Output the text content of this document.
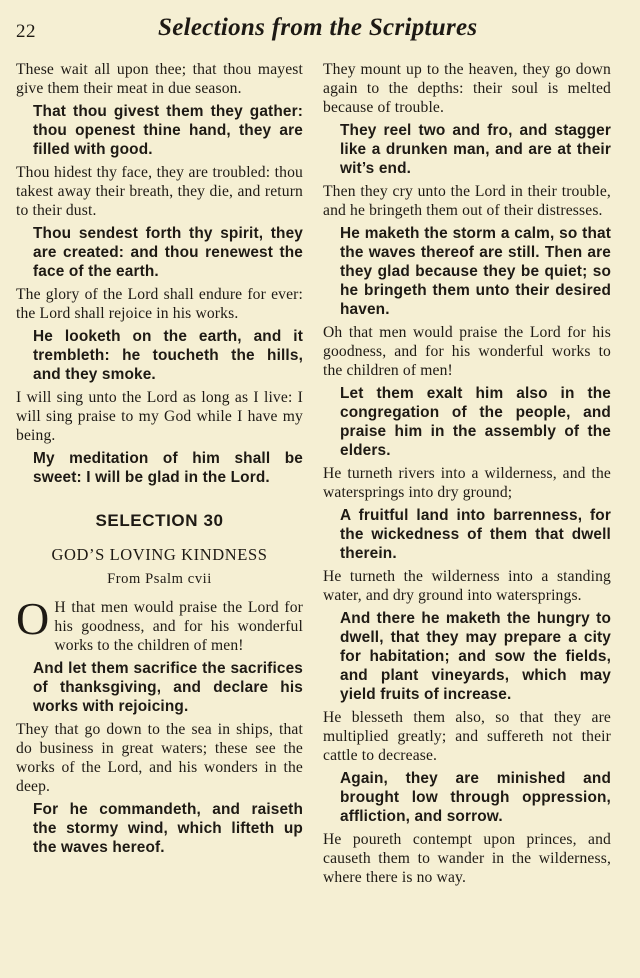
22	Selections from the Scriptures

These wait all upon thee; that thou mayest give them their meat in due season.

That thou givest them they gather: thou openest thine hand, they are filled with good.

Thou hidest thy face, they are troubled: thou takest away their breath, they die, and return to their dust.

Thou sendest forth thy spirit, they are created: and thou renewest the face of the earth.

The glory of the Lord shall endure for ever: the Lord shall rejoice in his works.

He looketh on the earth, and it trembleth: he toucheth the hills, and they smoke.

I will sing unto the Lord as long as I live: I will sing praise to my God while I have my being.

My meditation of him shall be sweet: I will be glad in the Lord.

SELECTION 30
GOD’S LOVING KINDNESS
From Psalm cvii

O H that men would praise the Lord for his goodness, and for his wonderful works to the children of men!

And let them sacrifice the sacrifices of thanksgiving, and declare his works with rejoicing.

They that go down to the sea in ships, that do business in great waters; these see the works of the Lord, and his wonders in the deep.

For he commandeth, and raiseth the stormy wind, which lifteth up the waves hereof.

They mount up to the heaven, they go down again to the depths: their soul is melted because of trouble.

They reel two and fro, and stagger like a drunken man, and are at their wit’s end.

Then they cry unto the Lord in their trouble, and he bringeth them out of their distresses.

He maketh the storm a calm, so that the waves thereof are still. Then are they glad because they be quiet; so he bringeth them unto their desired haven.

Oh that men would praise the Lord for his goodness, and for his wonderful works to the children of men!

Let them exalt him also in the congregation of the people, and praise him in the assembly of the elders.

He turneth rivers into a wilderness, and the watersprings into dry ground;

A fruitful land into barrenness, for the wickedness of them that dwell therein.

He turneth the wilderness into a standing water, and dry ground into watersprings.

And there he maketh the hungry to dwell, that they may prepare a city for habitation; and sow the fields, and plant vineyards, which may yield fruits of increase.

He blesseth them also, so that they are multiplied greatly; and suffereth not their cattle to decrease.

Again, they are minished and brought low through oppression, affliction, and sorrow.

He poureth contempt upon princes, and causeth them to wander in the wilderness, where there is no way.
